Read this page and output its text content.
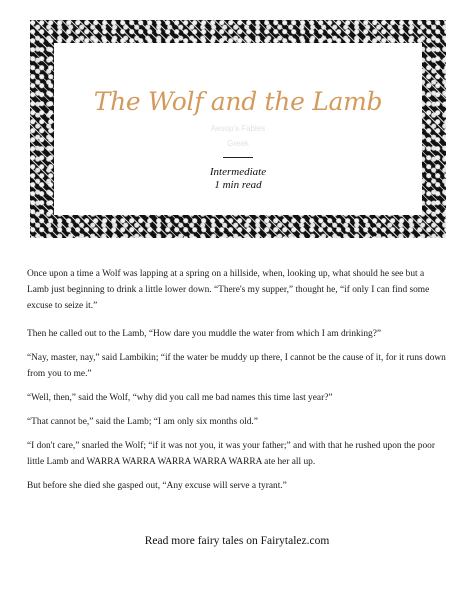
The Wolf and the Lamb
Aesop's Fables
Greek
Intermediate
1 min read

Once upon a time a Wolf was lapping at a spring on a hillside, when, looking up, what should he see but a Lamb just beginning to drink a little lower down. “There's my supper,” thought he, “if only I can find some excuse to seize it.”

Then he called out to the Lamb, “How dare you muddle the water from which I am drinking?”

“Nay, master, nay,” said Lambikin; “if the water be muddy up there, I cannot be the cause of it, for it runs down from you to me.”

“Well, then,” said the Wolf, “why did you call me bad names this time last year?”

“That cannot be,” said the Lamb; “I am only six months old.”

“I don't care,” snarled the Wolf; “if it was not you, it was your father;” and with that he rushed upon the poor little Lamb and WARRA WARRA WARRA WARRA WARRA ate her all up.

But before she died she gasped out, “Any excuse will serve a tyrant.”

Read more fairy tales on Fairytalez.com
